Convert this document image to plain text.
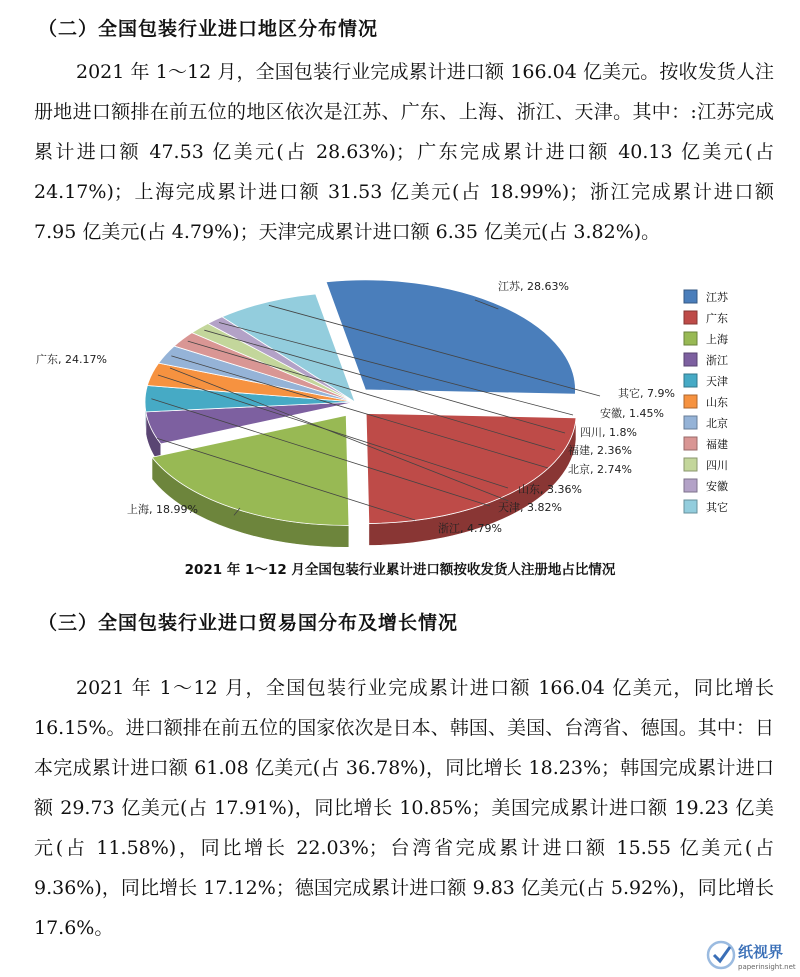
（二）全国包装行业进口地区分布情况

2021 年 1～12 月，全国包装行业完成累计进口额 166.04 亿美元。按收发货人注册地进口额排在前五位的地区依次是江苏、广东、上海、浙江、天津。其中：:江苏完成累计进口额 47.53 亿美元(占 28.63%)；广东完成累计进口额 40.13 亿美元(占 24.17%)；上海完成累计进口额 31.53 亿美元(占 18.99%)；浙江完成累计进口额 7.95 亿美元(占 4.79%)；天津完成累计进口额 6.35 亿美元(占 3.82%)。

江苏, 28.63%
广东, 24.17%
上海, 18.99%
浙江, 4.79%
天津, 3.82%
山东, 3.36%
北京, 2.74%
福建, 2.36%
四川, 1.8%
安徽, 1.45%
其它, 7.9%
江苏
广东
上海
浙江
天津
山东
北京
福建
四川
安徽
其它
2021 年 1～12 月全国包装行业累计进口额按收发货人注册地占比情况
（三）全国包装行业进口贸易国分布及增长情况

2021 年 1～12 月，全国包装行业完成累计进口额 166.04 亿美元，同比增长 16.15%。进口额排在前五位的国家依次是日本、韩国、美国、台湾省、德国。其中：日本完成累计进口额 61.08 亿美元(占 36.78%)，同比增长 18.23%；韩国完成累计进口额 29.73 亿美元(占 17.91%)，同比增长 10.85%；美国完成累计进口额 19.23 亿美元(占 11.58%)，同比增长 22.03%；台湾省完成累计进口额 15.55 亿美元(占 9.36%)，同比增长 17.12%；德国完成累计进口额 9.83 亿美元(占 5.92%)，同比增长 17.6%。

纸视界
paperinsight.net
